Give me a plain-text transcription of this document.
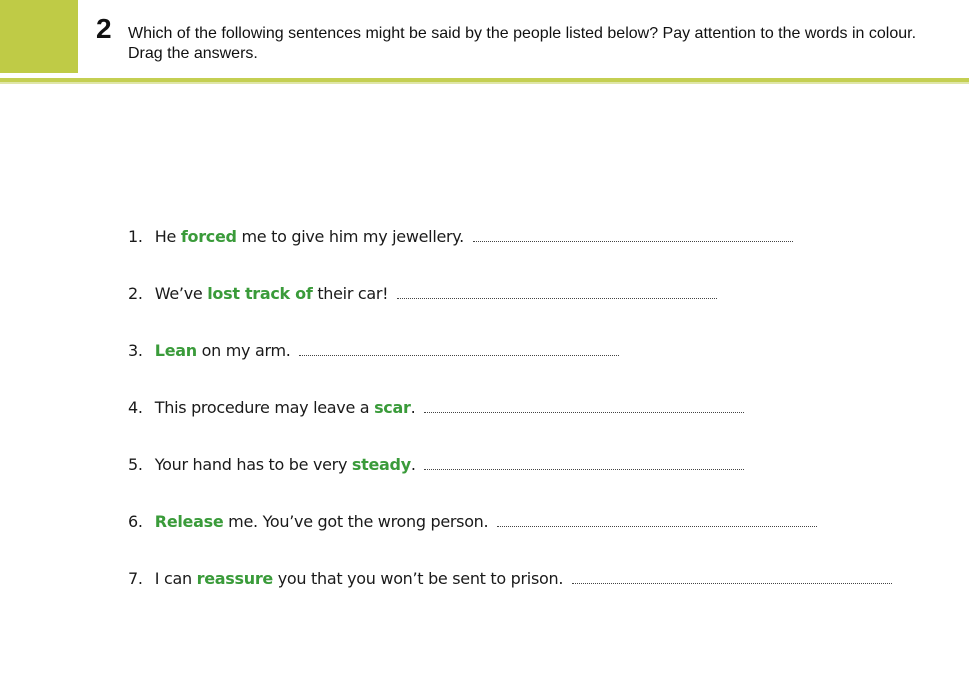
2 Which of the following sentences might be said by the people listed below? Pay attention to the words in colour. Drag the answers.
1. He forced me to give him my jewellery.
2. We’ve lost track of their car!
3. Lean on my arm.
4. This procedure may leave a scar.
5. Your hand has to be very steady.
6. Release me. You’ve got the wrong person.
7. I can reassure you that you won’t be sent to prison.
